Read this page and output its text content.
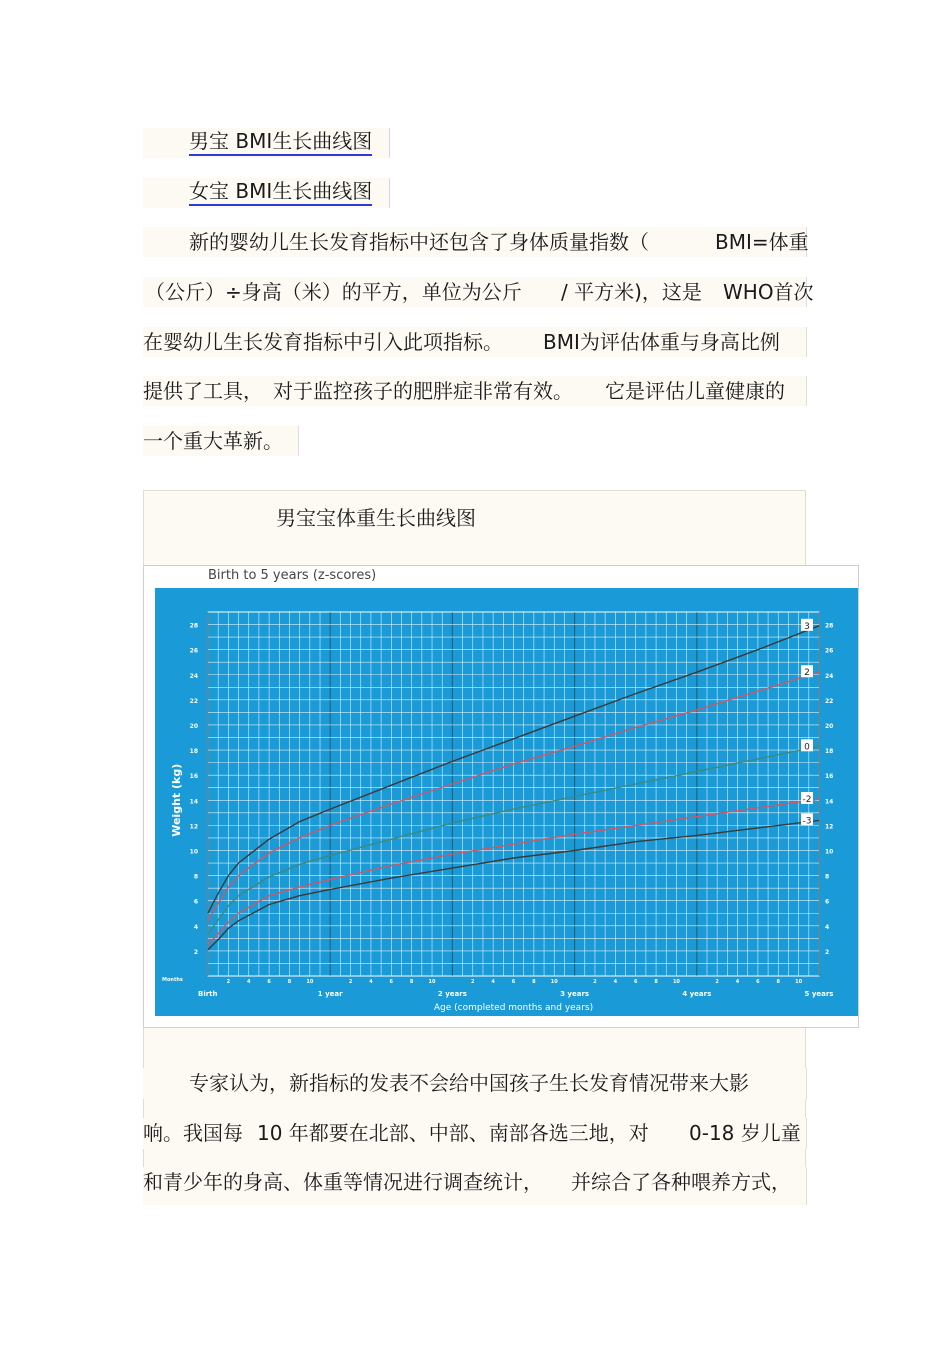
男宝 BMI生长曲线图
女宝 BMI生长曲线图
新的婴幼儿生长发育指标中还包含了身体质量指数（	BMI=体重
（公斤）÷身高（米）的平方，单位为公斤 / 平方米)，这是 WHO首次
在婴幼儿生长发育指标中引入此项指标。 BMI为评估体重与身高比例
提供了工具， 对于监控孩子的肥胖症非常有效。 它是评估儿童健康的
一个重大革新。
男宝宝体重生长曲线图
Birth to 5 years (z-scores)
2	2
4	4
6	6
8	8
10	10
12	12
14	14
16	16
18	18
20	20
22	22
24	24
26	26
28	28
Weight (kg)
Months	2	4	6	8	10	2	4	6	8	10	2	4	6	8	10	2	4	6	8	10	2	4	6	8	10
Birth	1 year	2 years	3 years	4 years	5 years
Age (completed months and years)
3
2
0
-2
-3
专家认为，新指标的发表不会给中国孩子生长发育情况带来大影
响。我国每 10 年都要在北部、中部、南部各选三地，对 0-18 岁儿童
和青少年的身高、体重等情况进行调查统计， 并综合了各种喂养方式，
